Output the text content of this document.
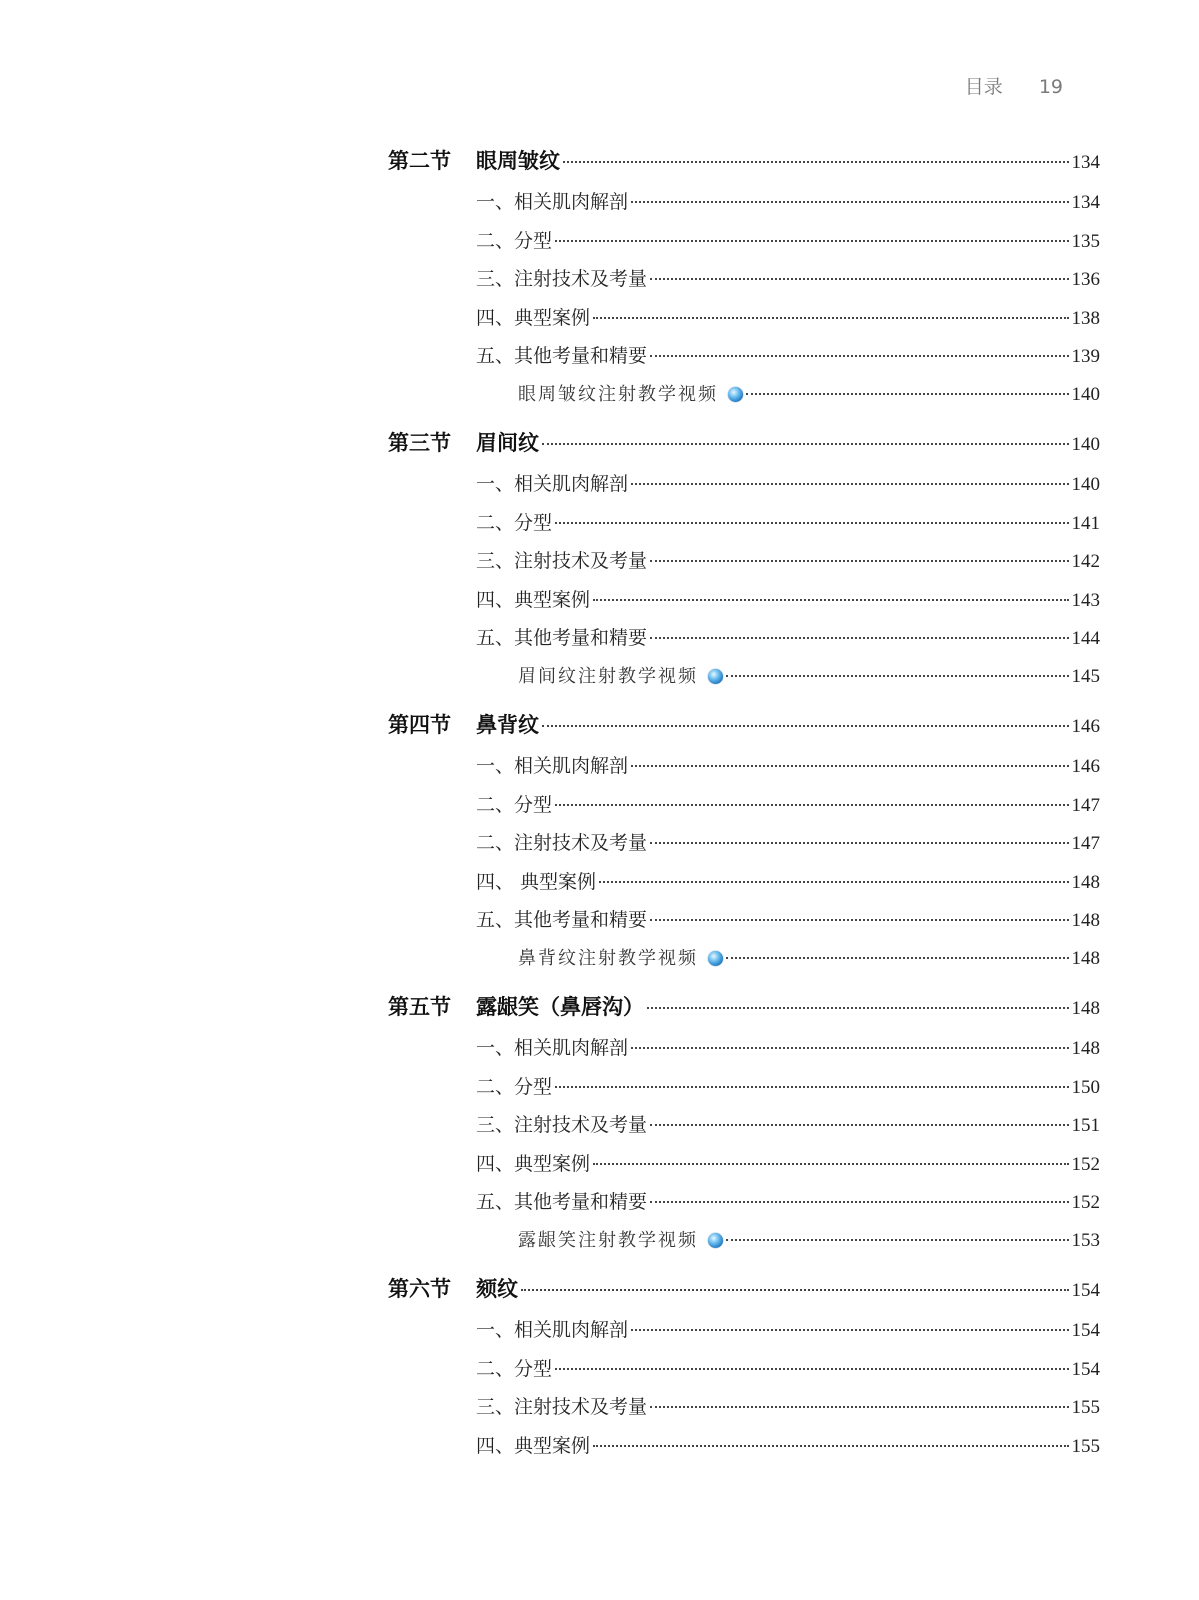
目录 19
第二节	眼周皱纹	134
一、相关肌肉解剖	134
二、分型	135
三、注射技术及考量	136
四、典型案例	138
五、其他考量和精要	139
眼周皱纹注射教学视频	140
第三节	眉间纹	140
一、相关肌肉解剖	140
二、分型	141
三、注射技术及考量	142
四、典型案例	143
五、其他考量和精要	144
眉间纹注射教学视频	145
第四节	鼻背纹	146
一、相关肌肉解剖	146
二、分型	147
二、注射技术及考量	147
四、 典型案例	148
五、其他考量和精要	148
鼻背纹注射教学视频	148
第五节	露龈笑（鼻唇沟）	148
一、相关肌肉解剖	148
二、分型	150
三、注射技术及考量	151
四、典型案例	152
五、其他考量和精要	152
露龈笑注射教学视频	153
第六节	颏纹	154
一、相关肌肉解剖	154
二、分型	154
三、注射技术及考量	155
四、典型案例	155
